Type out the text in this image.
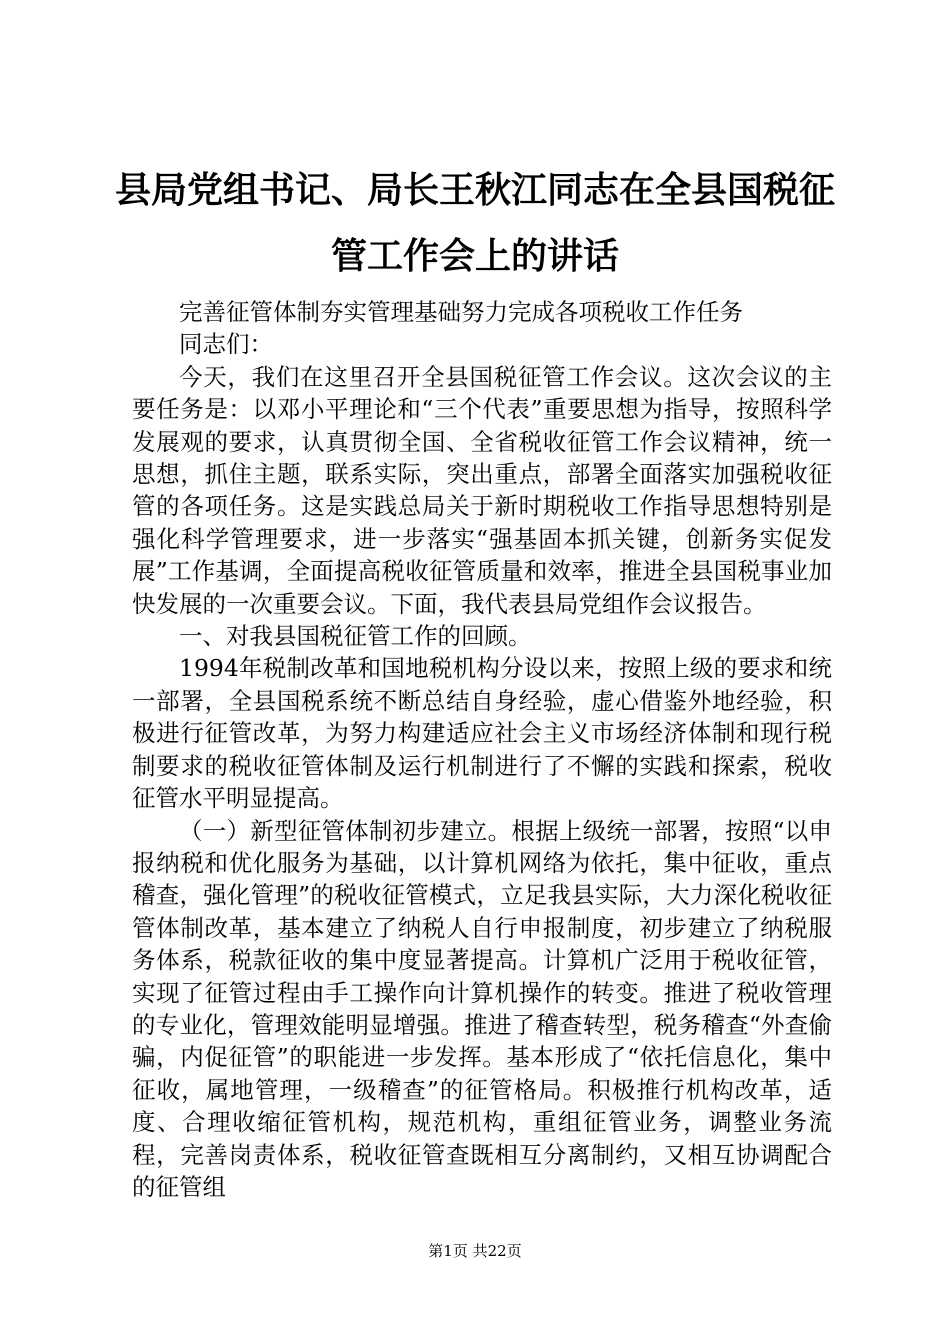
县局党组书记、局长王秋江同志在全县国税征管工作会上的讲话

完善征管体制夯实管理基础努力完成各项税收工作任务

同志们：

今天，我们在这里召开全县国税征管工作会议。这次会议的主要任务是：以邓小平理论和“三个代表”重要思想为指导，按照科学发展观的要求，认真贯彻全国、全省税收征管工作会议精神，统一思想，抓住主题，联系实际，突出重点，部署全面落实加强税收征管的各项任务。这是实践总局关于新时期税收工作指导思想特别是强化科学管理要求，进一步落实“强基固本抓关键，创新务实促发展”工作基调，全面提高税收征管质量和效率，推进全县国税事业加快发展的一次重要会议。下面，我代表县局党组作会议报告。

一、对我县国税征管工作的回顾。

1994年税制改革和国地税机构分设以来，按照上级的要求和统一部署，全县国税系统不断总结自身经验，虚心借鉴外地经验，积极进行征管改革，为努力构建适应社会主义市场经济体制和现行税制要求的税收征管体制及运行机制进行了不懈的实践和探索，税收征管水平明显提高。

（一）新型征管体制初步建立。根据上级统一部署，按照“以申报纳税和优化服务为基础，以计算机网络为依托，集中征收，重点稽查，强化管理”的税收征管模式，立足我县实际，大力深化税收征管体制改革，基本建立了纳税人自行申报制度，初步建立了纳税服务体系，税款征收的集中度显著提高。计算机广泛用于税收征管，实现了征管过程由手工操作向计算机操作的转变。推进了税收管理的专业化，管理效能明显增强。推进了稽查转型，税务稽查“外查偷骗，内促征管”的职能进一步发挥。基本形成了“依托信息化，集中征收，属地管理，一级稽查”的征管格局。积极推行机构改革，适度、合理收缩征管机构，规范机构，重组征管业务，调整业务流程，完善岗责体系，税收征管查既相互分离制约，又相互协调配合的征管组

第1页 共22页
